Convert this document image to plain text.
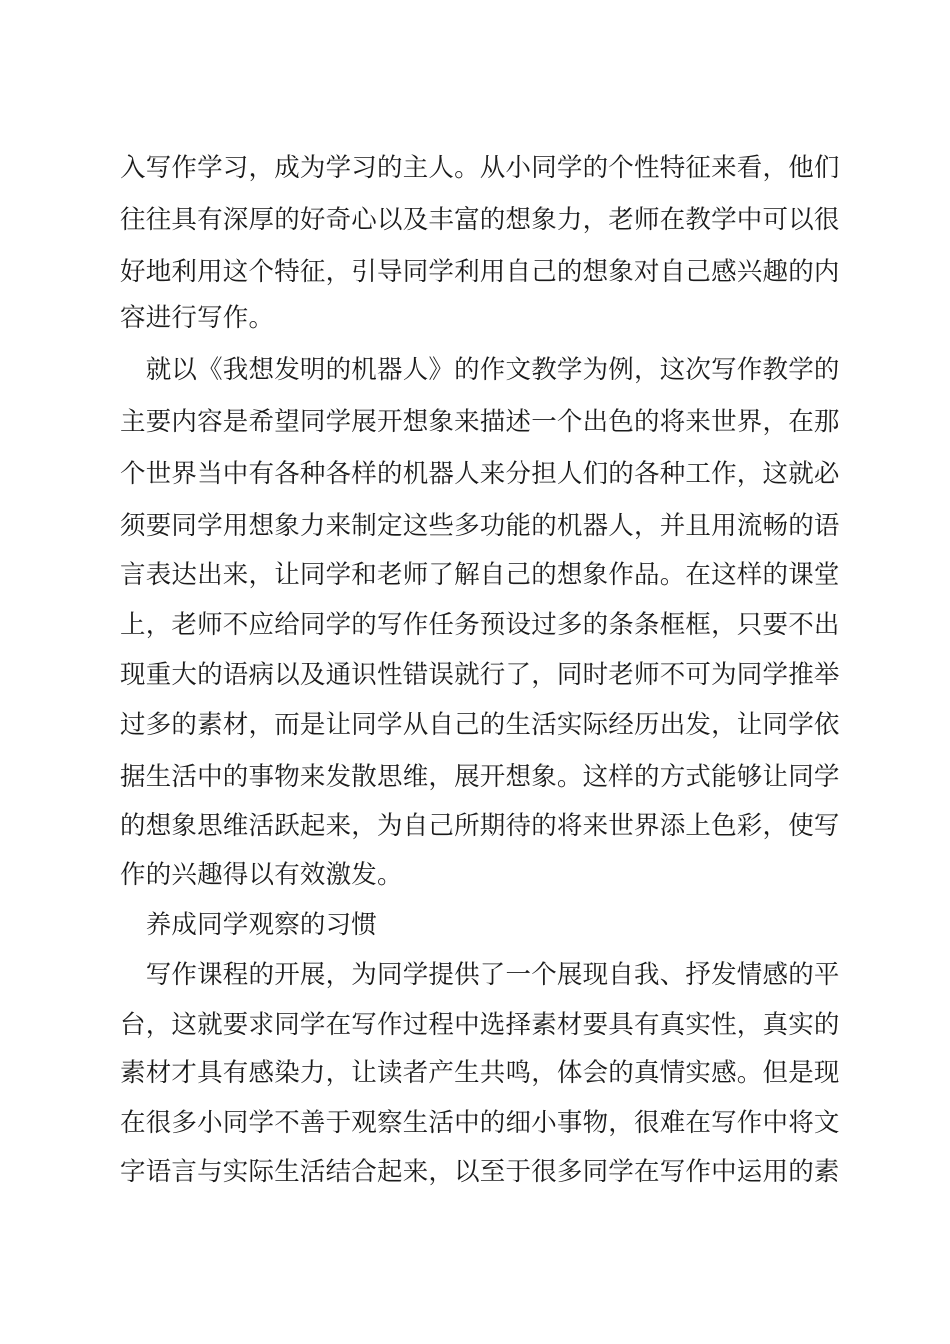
入写作学习，成为学习的主人。从小同学的个性特征来看，他们
往往具有深厚的好奇心以及丰富的想象力，老师在教学中可以很
好地利用这个特征，引导同学利用自己的想象对自己感兴趣的内
容进行写作。
　就以《我想发明的机器人》的作文教学为例，这次写作教学的
主要内容是希望同学展开想象来描述一个出色的将来世界，在那
个世界当中有各种各样的机器人来分担人们的各种工作，这就必
须要同学用想象力来制定这些多功能的机器人，并且用流畅的语
言表达出来，让同学和老师了解自己的想象作品。在这样的课堂
上，老师不应给同学的写作任务预设过多的条条框框，只要不出
现重大的语病以及通识性错误就行了，同时老师不可为同学推举
过多的素材，而是让同学从自己的生活实际经历出发，让同学依
据生活中的事物来发散思维，展开想象。这样的方式能够让同学
的想象思维活跃起来，为自己所期待的将来世界添上色彩，使写
作的兴趣得以有效激发。
　养成同学观察的习惯
　写作课程的开展，为同学提供了一个展现自我、抒发情感的平
台，这就要求同学在写作过程中选择素材要具有真实性，真实的
素材才具有感染力，让读者产生共鸣，体会的真情实感。但是现
在很多小同学不善于观察生活中的细小事物，很难在写作中将文
字语言与实际生活结合起来，以至于很多同学在写作中运用的素
